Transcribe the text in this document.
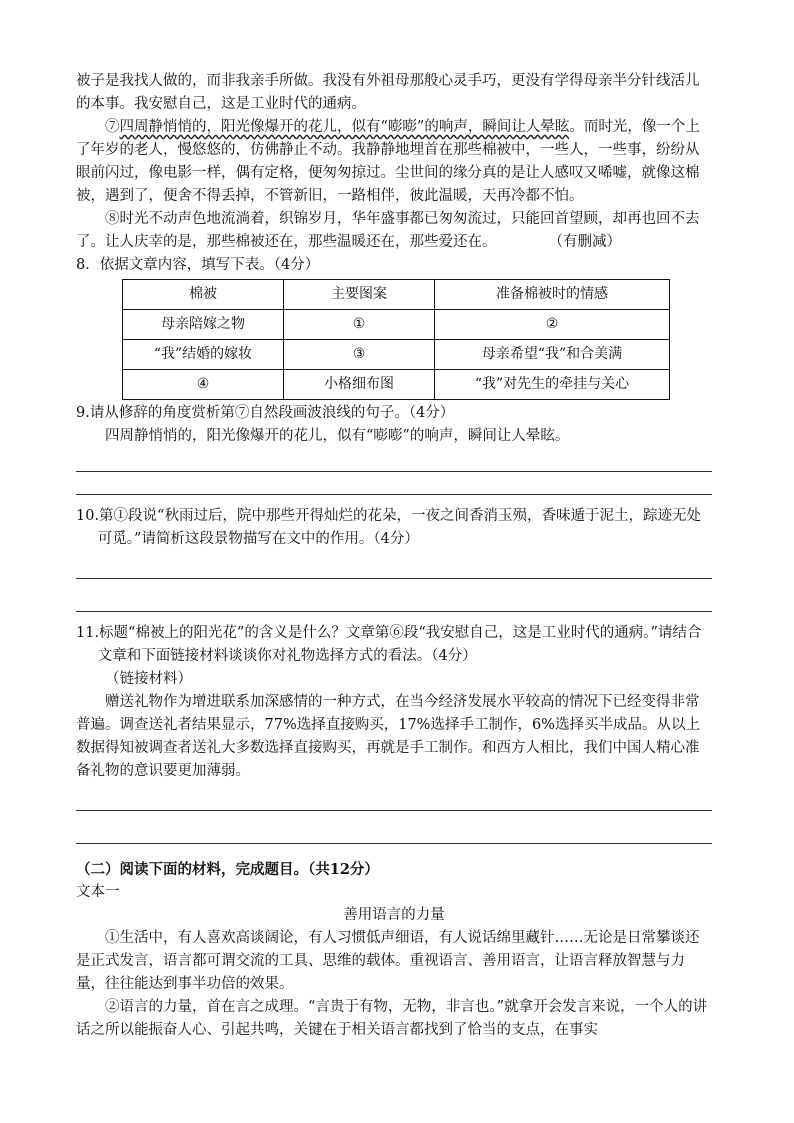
被子是我找人做的，而非我亲手所做。我没有外祖母那般心灵手巧，更没有学得母亲半分针线活儿的本事。我安慰自己，这是工业时代的通病。

⑦四周静悄悄的，阳光像爆开的花儿，似有“嘭嘭”的响声，瞬间让人晕眩。而时光，像一个上了年岁的老人，慢悠悠的，仿佛静止不动。我静静地埋首在那些棉被中，一些人，一些事，纷纷从眼前闪过，像电影一样，偶有定格，便匆匆掠过。尘世间的缘分真的是让人感叹又唏嘘，就像这棉被，遇到了，便舍不得丢掉，不管新旧，一路相伴，彼此温暖，天再冷都不怕。

⑧时光不动声色地流淌着，织锦岁月，华年盛事都已匆匆流过，只能回首望顾，却再也回不去了。让人庆幸的是，那些棉被还在，那些温暖还在，那些爱还在。	（有删减）

8．依据文章内容，填写下表。（4分）

棉被	主要图案	准备棉被时的情感
母亲陪嫁之物	①	②
“我”结婚的嫁妆	③	母亲希望“我”和合美满
④	小格细布图	“我”对先生的牵挂与关心

9.请从修辞的角度赏析第⑦自然段画波浪线的句子。（4分）

四周静悄悄的，阳光像爆开的花儿，似有“嘭嘭”的响声，瞬间让人晕眩。

10.第①段说“秋雨过后，院中那些开得灿烂的花朵，一夜之间香消玉殒，香味遁于泥土，踪迹无处可觅。”请简析这段景物描写在文中的作用。（4分）

11.标题“棉被上的阳光花”的含义是什么？文章第⑥段“我安慰自己，这是工业时代的通病。”请结合文章和下面链接材料谈谈你对礼物选择方式的看法。（4分）

（链接材料）

赠送礼物作为增进联系加深感情的一种方式，在当今经济发展水平较高的情况下已经变得非常普遍。调查送礼者结果显示，77%选择直接购买，17%选择手工制作，6%选择买半成品。从以上数据得知被调查者送礼大多数选择直接购买，再就是手工制作。和西方人相比，我们中国人精心准备礼物的意识要更加薄弱。

（二）阅读下面的材料，完成题目。（共12分）

文本一

善用语言的力量

①生活中，有人喜欢高谈阔论，有人习惯低声细语，有人说话绵里藏针……无论是日常攀谈还是正式发言，语言都可谓交流的工具、思维的载体。重视语言、善用语言，让语言释放智慧与力量，往往能达到事半功倍的效果。

②语言的力量，首在言之成理。“言贵于有物，无物，非言也。”就拿开会发言来说，一个人的讲话之所以能振奋人心、引起共鸣，关键在于相关语言都找到了恰当的支点，在事实
